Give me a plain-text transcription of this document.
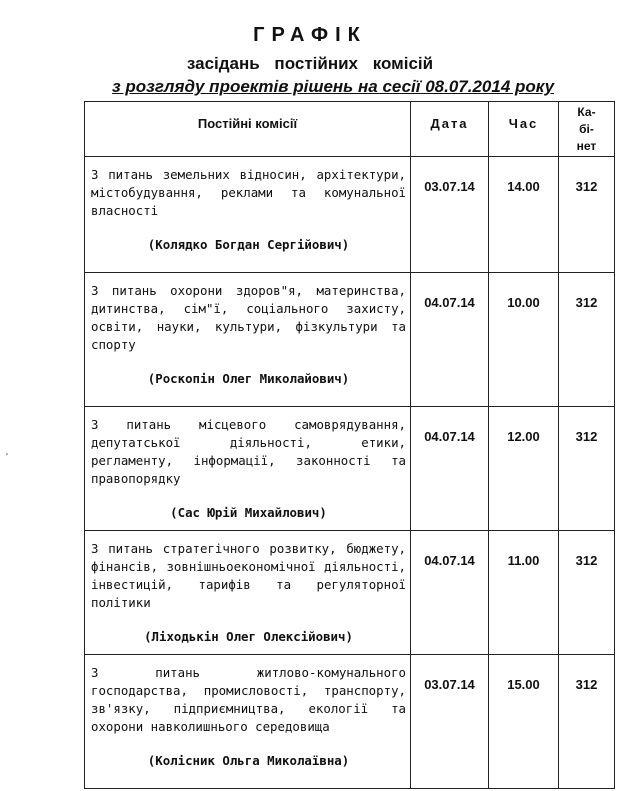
ГРАФІК
засідань постійних комісій
з розгляду проектів рішень на сесії 08.07.2014 року
'
Постійні комісії	Дата	Час	Ка-
бі-
нет

З питань земельних відносин, архітектури, містобудування, реклами та комунальної власності
(Колядко Богдан Сергійович)	03.07.14	14.00	312

З питань охорони здоров"я, материнства, дитинства, сім"ї, соціального захисту, освіти, науки, культури, фізкультури та спорту
(Роскопін Олег Миколайович)	04.07.14	10.00	312

З питань місцевого самоврядування, депутатської діяльності, етики, регламенту, інформації, законності та правопорядку
(Сас Юрій Михайлович)	04.07.14	12.00	312

З питань стратегічного розвитку, бюджету, фінансів, зовнішньоекономічної діяльності, інвестицій, тарифів та регуляторної політики
(Ліходькін Олег Олексійович)	04.07.14	11.00	312

З питань житлово-комунального господарства, промисловості, транспорту, зв'язку, підприємництва, екології та охорони навколишнього середовища
(Колісник Ольга Миколаївна)	03.07.14	15.00	312
